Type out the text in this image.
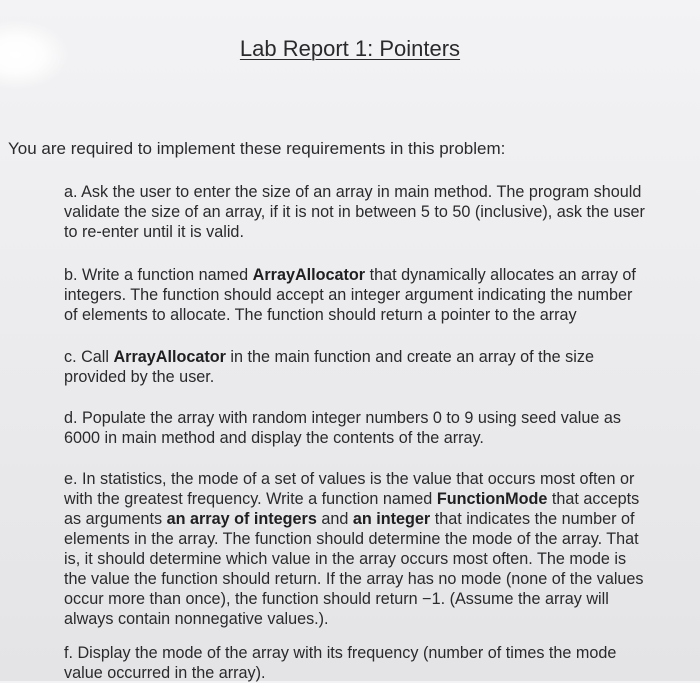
Lab Report 1: Pointers
You are required to implement these requirements in this problem:
a. Ask the user to enter the size of an array in main method. The program should
validate the size of an array, if it is not in between 5 to 50 (inclusive), ask the user
to re-enter until it is valid.
b. Write a function named ArrayAllocator that dynamically allocates an array of
integers. The function should accept an integer argument indicating the number
of elements to allocate. The function should return a pointer to the array
c. Call ArrayAllocator in the main function and create an array of the size
provided by the user.
d. Populate the array with random integer numbers 0 to 9 using seed value as
6000 in main method and display the contents of the array.
e. In statistics, the mode of a set of values is the value that occurs most often or
with the greatest frequency. Write a function named FunctionMode that accepts
as arguments an array of integers and an integer that indicates the number of
elements in the array. The function should determine the mode of the array. That
is, it should determine which value in the array occurs most often. The mode is
the value the function should return. If the array has no mode (none of the values
occur more than once), the function should return −1. (Assume the array will
always contain nonnegative values.).
f. Display the mode of the array with its frequency (number of times the mode
value occurred in the array).
